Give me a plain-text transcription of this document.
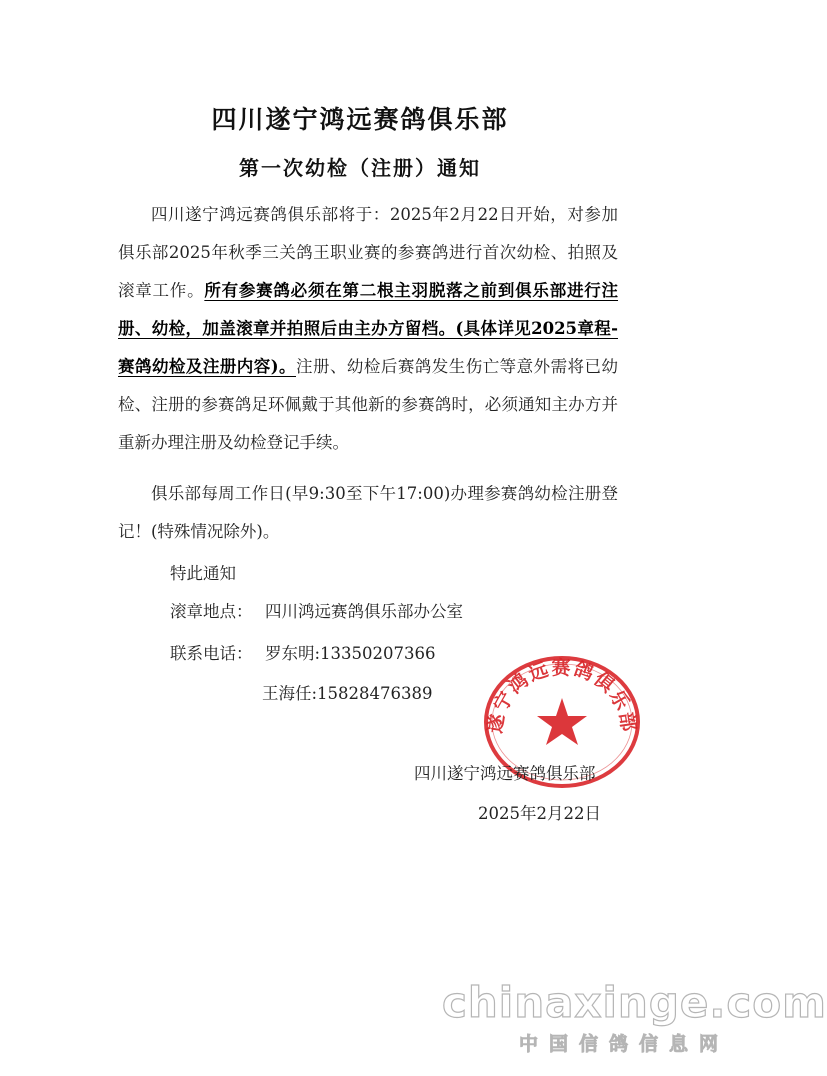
四川遂宁鸿远赛鸽俱乐部
第一次幼检（注册）通知
四川遂宁鸿远赛鸽俱乐部将于：2025年2月22日开始，对参加俱乐部2025年秋季三关鸽王职业赛的参赛鸽进行首次幼检、拍照及滚章工作。所有参赛鸽必须在第二根主羽脱落之前到俱乐部进行注册、幼检，加盖滚章并拍照后由主办方留档。(具体详见2025章程-赛鸽幼检及注册内容)。注册、幼检后赛鸽发生伤亡等意外需将已幼检、注册的参赛鸽足环佩戴于其他新的参赛鸽时，必须通知主办方并重新办理注册及幼检登记手续。
俱乐部每周工作日(早9:30至下午17:00)办理参赛鸽幼检注册登记！(特殊情况除外)。
特此通知
滚章地点： 四川鸿远赛鸽俱乐部办公室
联系电话： 罗东明:13350207366
王海任:15828476389
遂宁鸿远赛鸽俱乐部
四川遂宁鸿远赛鸽俱乐部
2025年2月22日
chinaxinge.com
中国信鸽信息网
